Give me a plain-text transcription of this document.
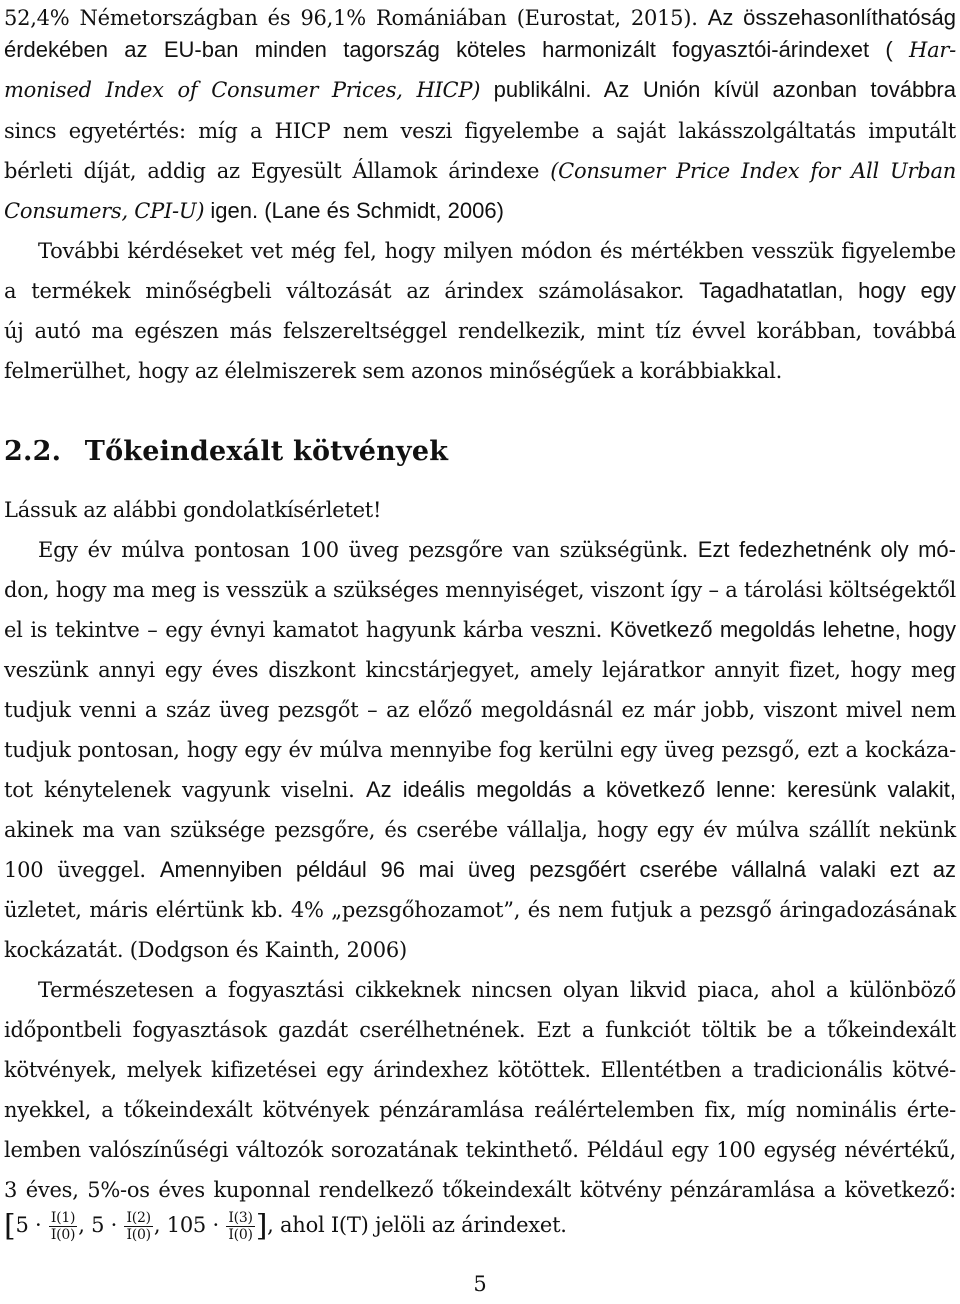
52,4% Németországban és 96,1% Romániában (Eurostat, 2015). Az összehasonlíthatóság
érdekében az EU-ban minden tagország köteles harmonizált fogyasztói-árindexet ( Har-
monised Index of Consumer Prices, HICP) publikálni. Az Unión kívül azonban továbbra
sincs egyetértés: míg a HICP nem veszi figyelembe a saját lakásszolgáltatás imputált
bérleti díját, addig az Egyesült Államok árindexe (Consumer Price Index for All Urban
Consumers, CPI-U) igen. (Lane és Schmidt, 2006)
További kérdéseket vet még fel, hogy milyen módon és mértékben vesszük figyelembe
a termékek minőségbeli változását az árindex számolásakor. Tagadhatatlan, hogy egy
új autó ma egészen más felszereltséggel rendelkezik, mint tíz évvel korábban, továbbá
felmerülhet, hogy az élelmiszerek sem azonos minőségűek a korábbiakkal.
2.2. Tőkeindexált kötvények
Lássuk az alábbi gondolatkísérletet!
Egy év múlva pontosan 100 üveg pezsgőre van szükségünk. Ezt fedezhetnénk oly mó-
don, hogy ma meg is vesszük a szükséges mennyiséget, viszont így – a tárolási költségektől
el is tekintve – egy évnyi kamatot hagyunk kárba veszni. Következő megoldás lehetne, hogy
veszünk annyi egy éves diszkont kincstárjegyet, amely lejáratkor annyit fizet, hogy meg
tudjuk venni a száz üveg pezsgőt – az előző megoldásnál ez már jobb, viszont mivel nem
tudjuk pontosan, hogy egy év múlva mennyibe fog kerülni egy üveg pezsgő, ezt a kockáza-
tot kénytelenek vagyunk viselni. Az ideális megoldás a következő lenne: keresünk valakit,
akinek ma van szüksége pezsgőre, és cserébe vállalja, hogy egy év múlva szállít nekünk
100 üveggel. Amennyiben például 96 mai üveg pezsgőért cserébe vállalná valaki ezt az
üzletet, máris elértünk kb. 4% „pezsgőhozamot”, és nem futjuk a pezsgő áringadozásának
kockázatát. (Dodgson és Kainth, 2006)
Természetesen a fogyasztási cikkeknek nincsen olyan likvid piaca, ahol a különböző
időpontbeli fogyasztások gazdát cserélhetnének. Ezt a funkciót töltik be a tőkeindexált
kötvények, melyek kifizetései egy árindexhez kötöttek. Ellentétben a tradicionális kötvé-
nyekkel, a tőkeindexált kötvények pénzáramlása reálértelemben fix, míg nominális érte-
lemben valószínűségi változók sorozatának tekinthető. Például egy 100 egység névértékű,
3 éves, 5%-os éves kuponnal rendelkező tőkeindexált kötvény pénzáramlása a következő:
[$5 \cdot \frac{I(1)}{I(0)}$ , $5 \cdot \frac{I(2)}{I(0)}$ , $105 \cdot \frac{I(3)}{I(0)}$ ], ahol I(T) jelöli az árindexet.
5
